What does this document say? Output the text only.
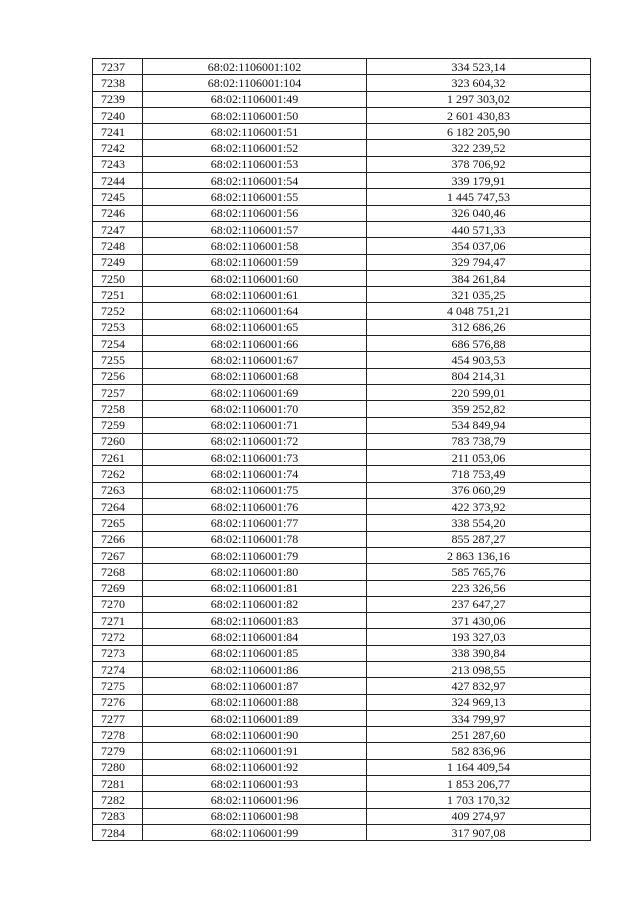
7237	68:02:1106001:102	334 523,14
7238	68:02:1106001:104	323 604,32
7239	68:02:1106001:49	1 297 303,02
7240	68:02:1106001:50	2 601 430,83
7241	68:02:1106001:51	6 182 205,90
7242	68:02:1106001:52	322 239,52
7243	68:02:1106001:53	378 706,92
7244	68:02:1106001:54	339 179,91
7245	68:02:1106001:55	1 445 747,53
7246	68:02:1106001:56	326 040,46
7247	68:02:1106001:57	440 571,33
7248	68:02:1106001:58	354 037,06
7249	68:02:1106001:59	329 794,47
7250	68:02:1106001:60	384 261,84
7251	68:02:1106001:61	321 035,25
7252	68:02:1106001:64	4 048 751,21
7253	68:02:1106001:65	312 686,26
7254	68:02:1106001:66	686 576,88
7255	68:02:1106001:67	454 903,53
7256	68:02:1106001:68	804 214,31
7257	68:02:1106001:69	220 599,01
7258	68:02:1106001:70	359 252,82
7259	68:02:1106001:71	534 849,94
7260	68:02:1106001:72	783 738,79
7261	68:02:1106001:73	211 053,06
7262	68:02:1106001:74	718 753,49
7263	68:02:1106001:75	376 060,29
7264	68:02:1106001:76	422 373,92
7265	68:02:1106001:77	338 554,20
7266	68:02:1106001:78	855 287,27
7267	68:02:1106001:79	2 863 136,16
7268	68:02:1106001:80	585 765,76
7269	68:02:1106001:81	223 326,56
7270	68:02:1106001:82	237 647,27
7271	68:02:1106001:83	371 430,06
7272	68:02:1106001:84	193 327,03
7273	68:02:1106001:85	338 390,84
7274	68:02:1106001:86	213 098,55
7275	68:02:1106001:87	427 832,97
7276	68:02:1106001:88	324 969,13
7277	68:02:1106001:89	334 799,97
7278	68:02:1106001:90	251 287,60
7279	68:02:1106001:91	582 836,96
7280	68:02:1106001:92	1 164 409,54
7281	68:02:1106001:93	1 853 206,77
7282	68:02:1106001:96	1 703 170,32
7283	68:02:1106001:98	409 274,97
7284	68:02:1106001:99	317 907,08
